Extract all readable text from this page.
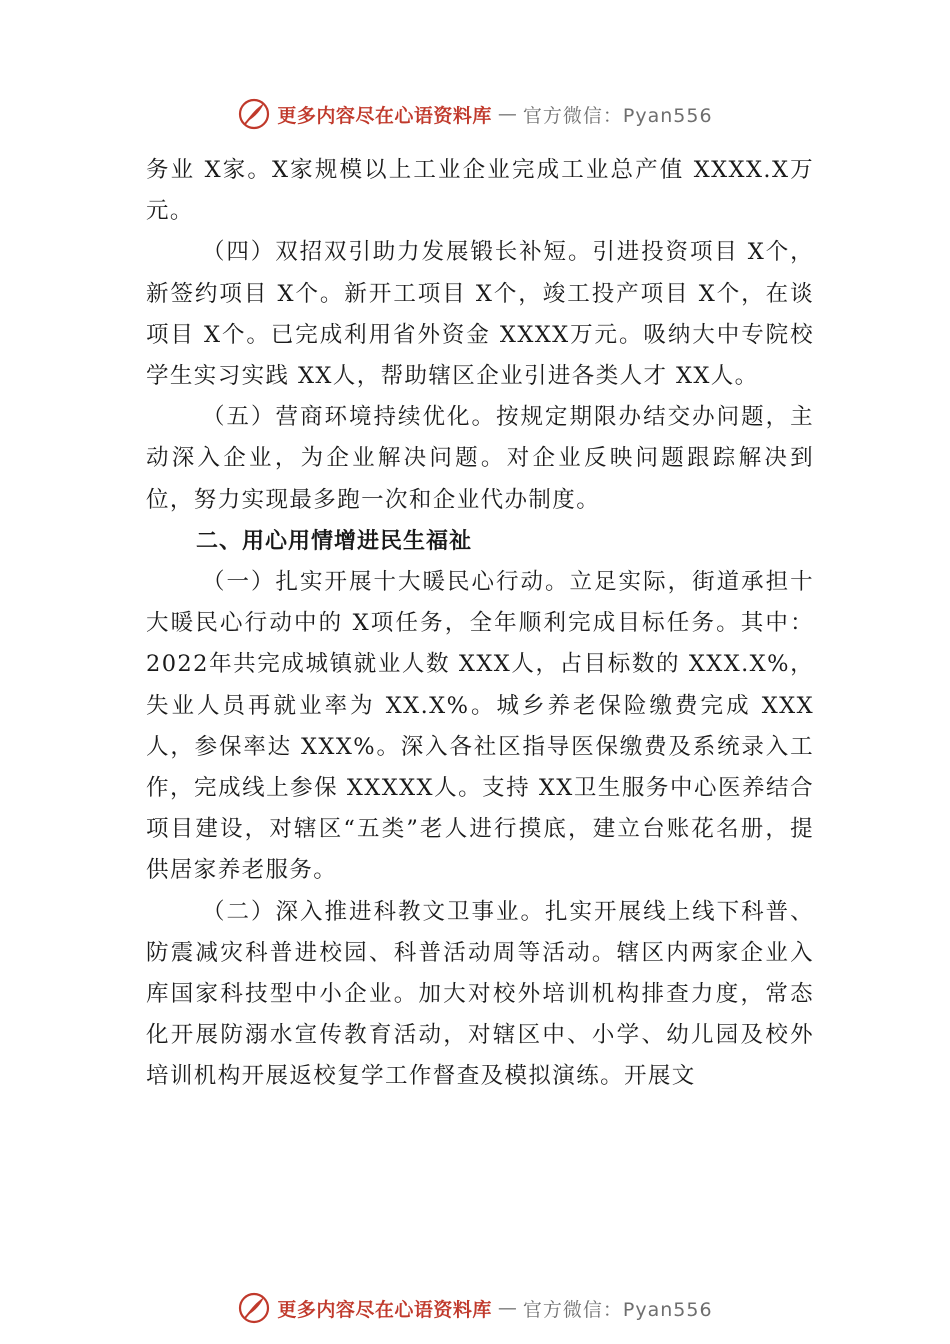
更多内容尽在心语资料库 — 官方微信：Pyan556

务业 X家。X家规模以上工业企业完成工业总产值 XXXX.X万元。

（四）双招双引助力发展锻长补短。引进投资项目 X个，新签约项目 X个。新开工项目 X个，竣工投产项目 X个，在谈项目 X个。已完成利用省外资金 XXXX万元。吸纳大中专院校学生实习实践 XX人，帮助辖区企业引进各类人才 XX人。

（五）营商环境持续优化。按规定期限办结交办问题，主动深入企业，为企业解决问题。对企业反映问题跟踪解决到位，努力实现最多跑一次和企业代办制度。

二、用心用情增进民生福祉

（一）扎实开展十大暖民心行动。立足实际，街道承担十大暖民心行动中的 X项任务，全年顺利完成目标任务。其中：2022年共完成城镇就业人数 XXX人，占目标数的 XXX.X%，失业人员再就业率为 XX.X%。城乡养老保险缴费完成 XXX人，参保率达 XXX%。深入各社区指导医保缴费及系统录入工作，完成线上参保 XXXXX人。支持 XX卫生服务中心医养结合项目建设，对辖区“五类”老人进行摸底，建立台账花名册，提供居家养老服务。

（二）深入推进科教文卫事业。扎实开展线上线下科普、防震减灾科普进校园、科普活动周等活动。辖区内两家企业入库国家科技型中小企业。加大对校外培训机构排查力度，常态化开展防溺水宣传教育活动，对辖区中、小学、幼儿园及校外培训机构开展返校复学工作督查及模拟演练。开展文

更多内容尽在心语资料库 — 官方微信：Pyan556
